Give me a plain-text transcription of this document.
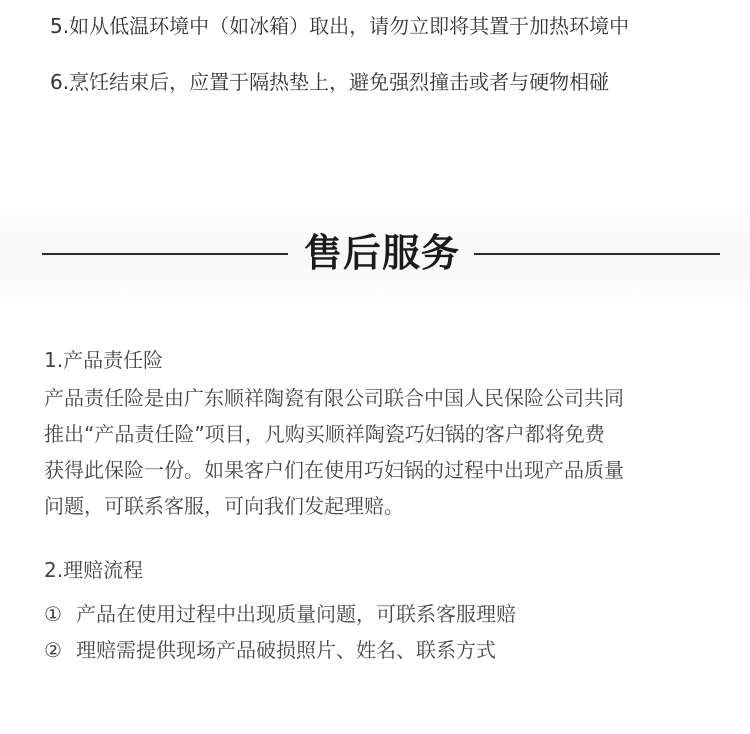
5.如从低温环境中（如冰箱）取出，请勿立即将其置于加热环境中
6.烹饪结束后，应置于隔热垫上，避免强烈撞击或者与硬物相碰
售后服务

1.产品责任险

产品责任险是由广东顺祥陶瓷有限公司联合中国人民保险公司共同
推出“产品责任险”项目，凡购买顺祥陶瓷巧妇锅的客户都将免费
获得此保险一份。如果客户们在使用巧妇锅的过程中出现产品质量
问题，可联系客服，可向我们发起理赔。

2.理赔流程

① 产品在使用过程中出现质量问题，可联系客服理赔
② 理赔需提供现场产品破损照片、姓名、联系方式
